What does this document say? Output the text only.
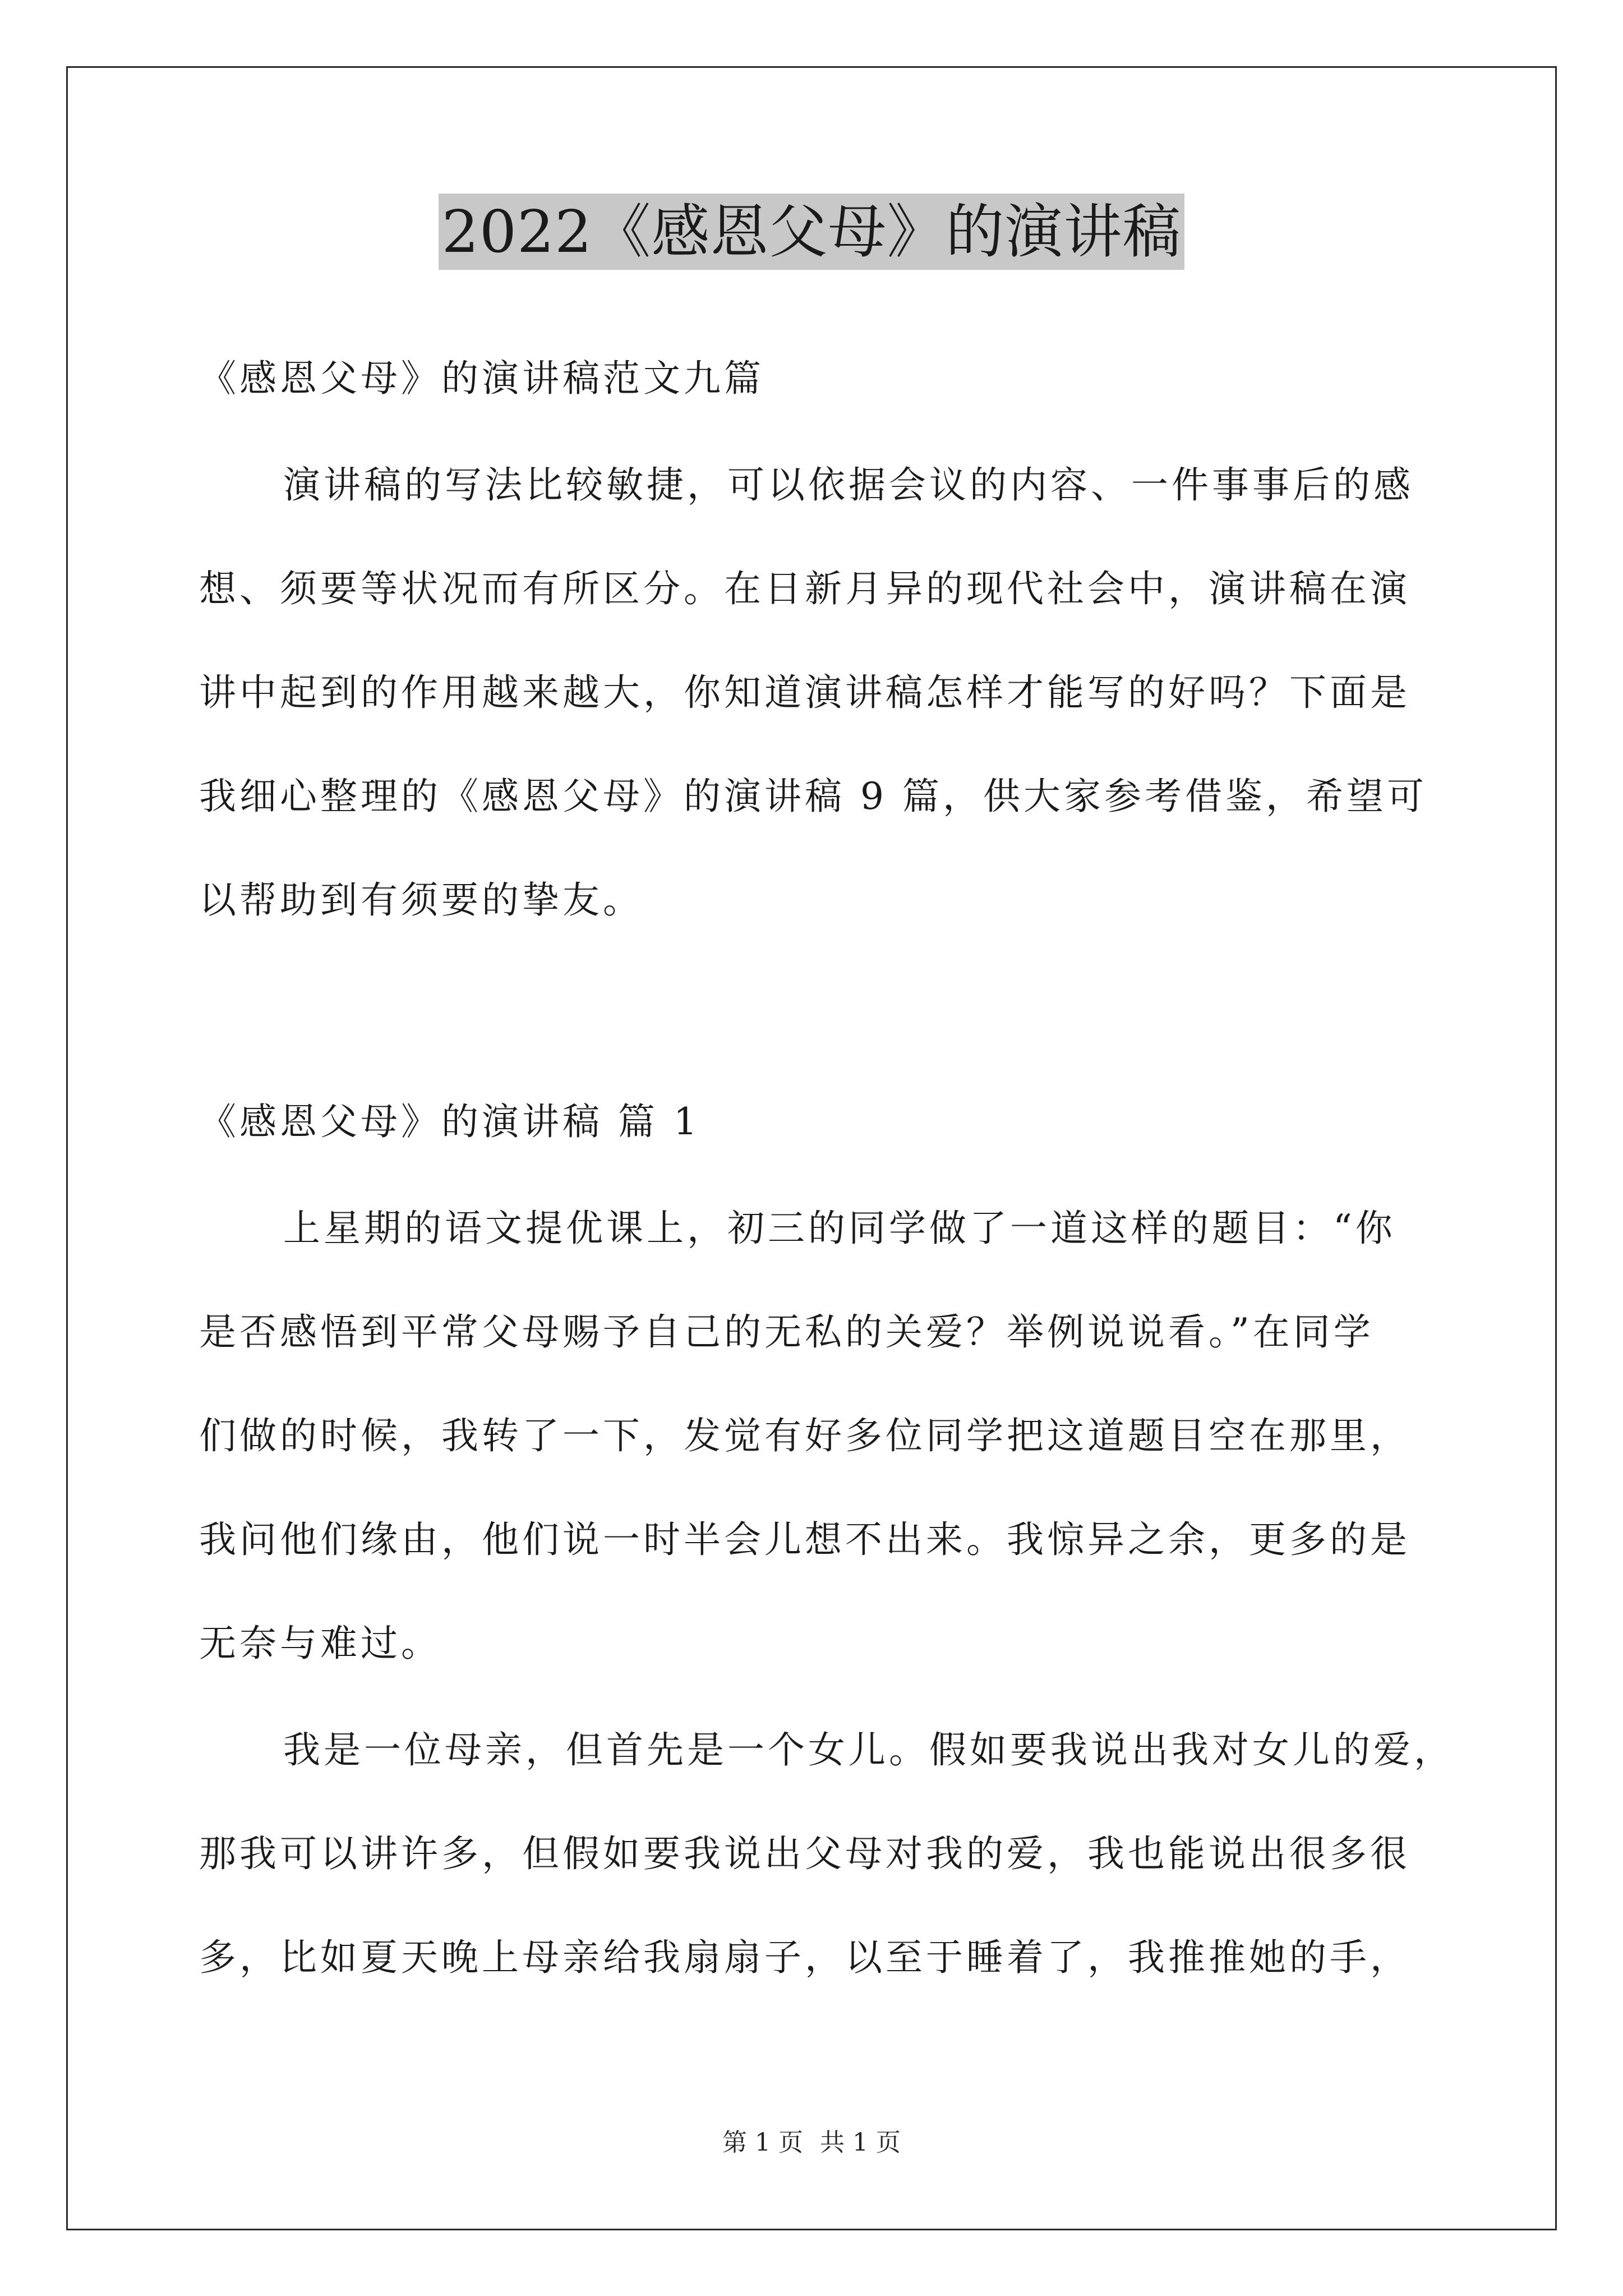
2022《感恩父母》的演讲稿
《感恩父母》的演讲稿范文九篇
演讲稿的写法比较敏捷，可以依据会议的内容、一件事事后的感
想、须要等状况而有所区分。在日新月异的现代社会中，演讲稿在演
讲中起到的作用越来越大，你知道演讲稿怎样才能写的好吗？下面是
我细心整理的《感恩父母》的演讲稿 9 篇，供大家参考借鉴，希望可
以帮助到有须要的挚友。
《感恩父母》的演讲稿 篇 1
上星期的语文提优课上，初三的同学做了一道这样的题目：“你
是否感悟到平常父母赐予自己的无私的关爱？举例说说看。”在同学
们做的时候，我转了一下，发觉有好多位同学把这道题目空在那里，
我问他们缘由，他们说一时半会儿想不出来。我惊异之余，更多的是
无奈与难过。
我是一位母亲，但首先是一个女儿。假如要我说出我对女儿的爱，
那我可以讲许多，但假如要我说出父母对我的爱，我也能说出很多很
多，比如夏天晚上母亲给我扇扇子，以至于睡着了，我推推她的手，
第 1 页 共 1 页
